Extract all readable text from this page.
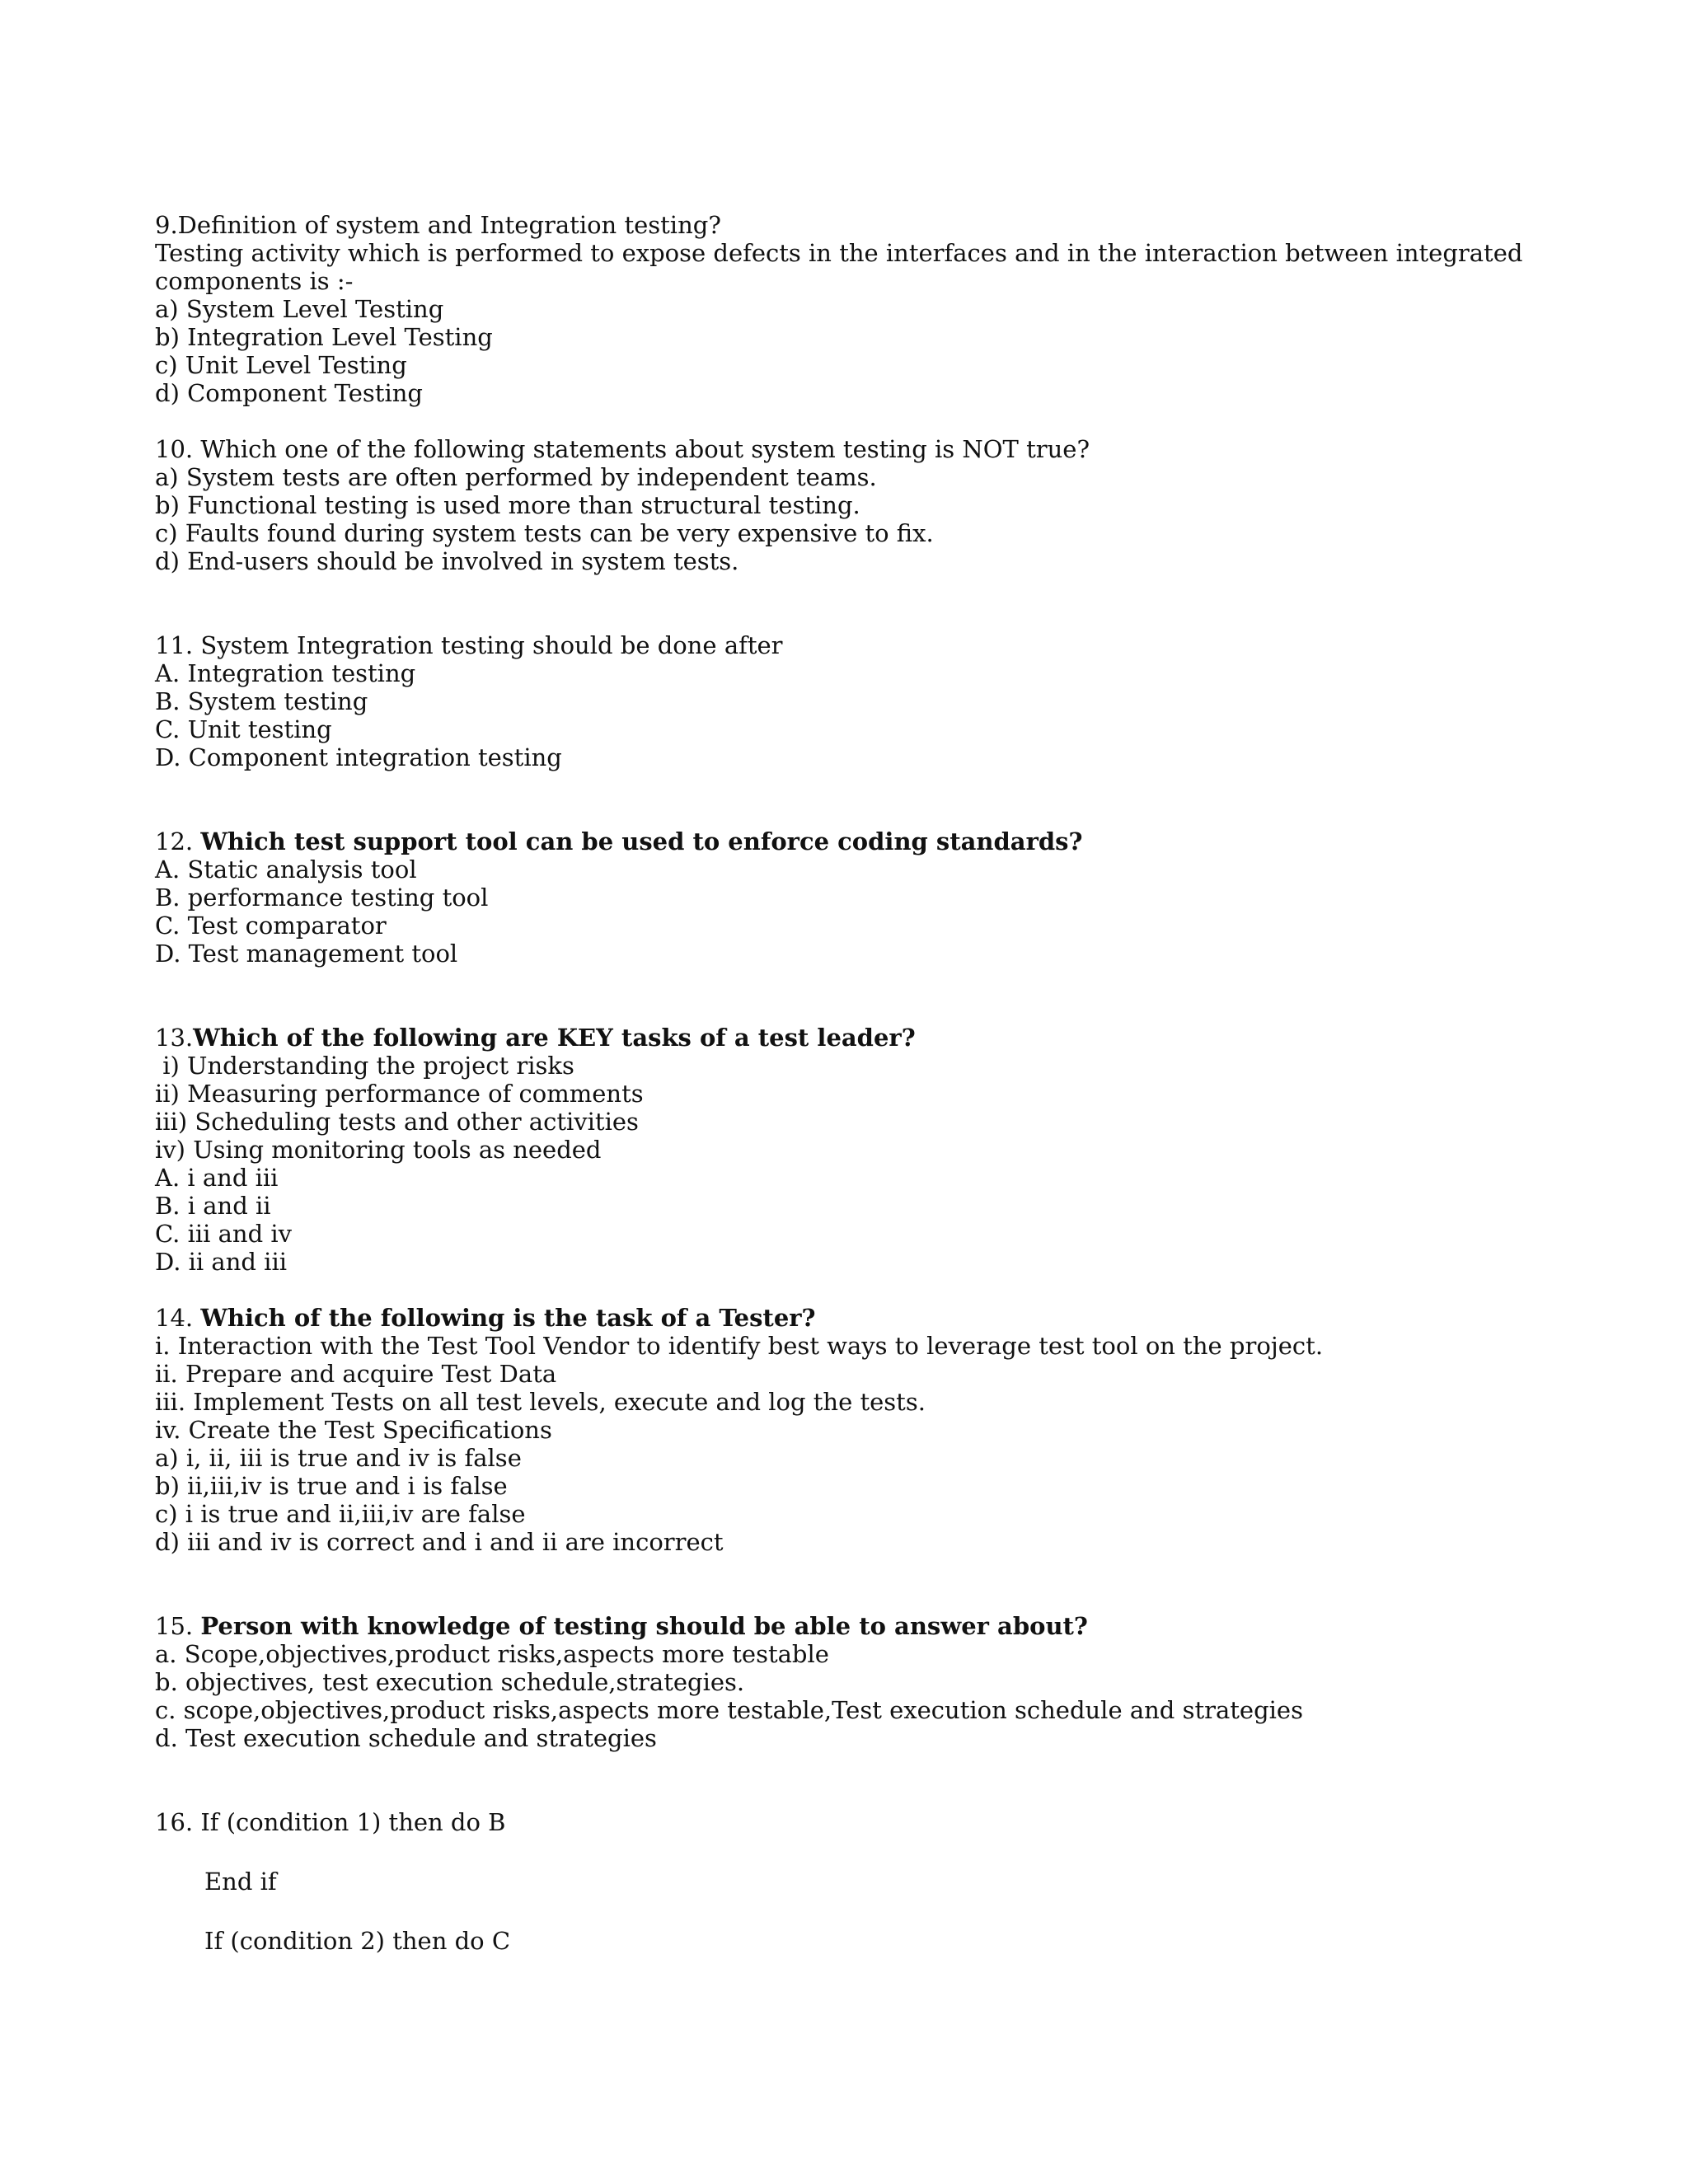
9.Definition of system and Integration testing?
Testing activity which is performed to expose defects in the interfaces and in the interaction between integrated components is :-
a) System Level Testing
b) Integration Level Testing
c) Unit Level Testing
d) Component Testing
10. Which one of the following statements about system testing is NOT true?
a) System tests are often performed by independent teams.
b) Functional testing is used more than structural testing.
c) Faults found during system tests can be very expensive to fix.
d) End-users should be involved in system tests.
11. System Integration testing should be done after
A. Integration testing
B. System testing
C. Unit testing
D. Component integration testing
12. Which test support tool can be used to enforce coding standards?
A. Static analysis tool
B. performance testing tool
C. Test comparator
D. Test management tool
13.Which of the following are KEY tasks of a test leader?
i) Understanding the project risks
ii) Measuring performance of comments
iii) Scheduling tests and other activities
iv) Using monitoring tools as needed
A. i and iii
B. i and ii
C. iii and iv
D. ii and iii
14. Which of the following is the task of a Tester?
i. Interaction with the Test Tool Vendor to identify best ways to leverage test tool on the project.
ii. Prepare and acquire Test Data
iii. Implement Tests on all test levels, execute and log the tests.
iv. Create the Test Specifications
a) i, ii, iii is true and iv is false
b) ii,iii,iv is true and i is false
c) i is true and ii,iii,iv are false
d) iii and iv is correct and i and ii are incorrect
15. Person with knowledge of testing should be able to answer about?
a. Scope,objectives,product risks,aspects more testable
b. objectives, test execution schedule,strategies.
c. scope,objectives,product risks,aspects more testable,Test execution schedule and strategies
d. Test execution schedule and strategies
16. If (condition 1) then do B
End if
If (condition 2) then do C
